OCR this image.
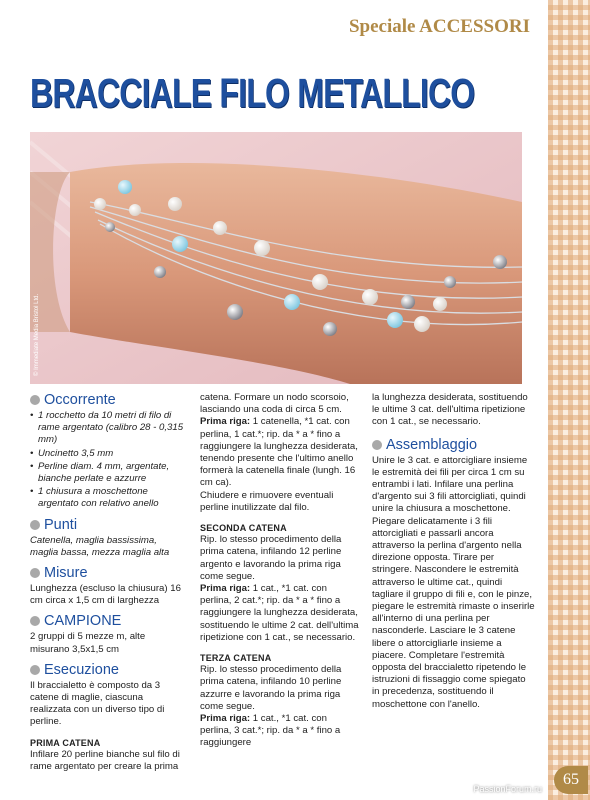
Speciale ACCESSORI
BRACCIALE FILO METALLICO
© Immediate Media Bristol Ltd.
Occorrente
• 1 rocchetto da 10 metri di filo di rame argentato (calibro 28 - 0,315 mm)
• Uncinetto 3,5 mm
• Perline diam. 4 mm, argentate, bianche perlate e azzurre
• 1 chiusura a moschettone argentato con relativo anello
Punti

Catenella, maglia bassissima, maglia bassa, mezza maglia alta

Misure

Lunghezza (escluso la chiusura) 16 cm circa x 1,5 cm di larghezza

CAMPIONE

2 gruppi di 5 mezze m, alte misurano 3,5x1,5 cm

Esecuzione

Il braccialetto è composto da 3 catene di maglie, ciascuna realizzata con un diverso tipo di perline.

PRIMA CATENA

Infilare 20 perline bianche sul filo di rame argentato per creare la prima

catena. Formare un nodo scorsoio, lasciando una coda di circa 5 cm.

Prima riga: 1 catenella, *1 cat. con perlina, 1 cat.*; rip. da * a * fino a raggiungere la lunghezza desiderata, tenendo presente che l'ultimo anello formerà la catenella finale (lungh. 16 cm ca).

Chiudere e rimuovere eventuali perline inutilizzate dal filo.

SECONDA CATENA

Rip. lo stesso procedimento della prima catena, infilando 12 perline argento e lavorando la prima riga come segue.

Prima riga: 1 cat., *1 cat. con perlina, 2 cat.*; rip. da * a * fino a raggiungere la lunghezza desiderata, sostituendo le ultime 2 cat. dell'ultima ripetizione con 1 cat., se necessario.

TERZA CATENA

Rip. lo stesso procedimento della prima catena, infilando 10 perline azzurre e lavorando la prima riga come segue.

Prima riga: 1 cat., *1 cat. con perlina, 3 cat.*; rip. da * a * fino a raggiungere

la lunghezza desiderata, sostituendo le ultime 3 cat. dell'ultima ripetizione con 1 cat., se necessario.

Assemblaggio

Unire le 3 cat. e attorcigliare insieme le estremità dei fili per circa 1 cm su entrambi i lati. Infilare una perlina d'argento sui 3 fili attorcigliati, quindi unire la chiusura a moschettone. Piegare delicatamente i 3 fili attorcigliati e passarli ancora attraverso la perlina d'argento nella direzione opposta. Tirare per stringere. Nascondere le estremità attraverso le ultime cat., quindi tagliare il gruppo di fili e, con le pinze, piegare le estremità rimaste o inserirle all'interno di una perlina per nasconderle. Lasciare le 3 catene libere o attorcigliarle insieme a piacere. Completare l'estremità opposta del braccialetto ripetendo le istruzioni di fissaggio come spiegato in precedenza, sostituendo il moschettone con l'anello.

PassionForum.ru
65
